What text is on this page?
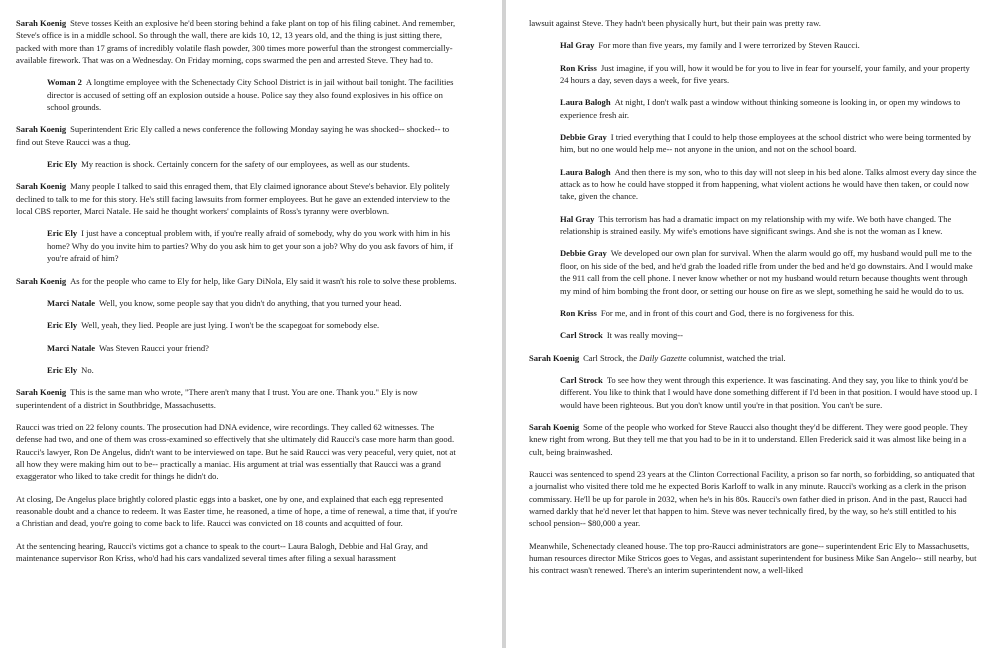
Sarah Koenig Steve tosses Keith an explosive he'd been storing behind a fake plant on top of his filing cabinet. And remember, Steve's office is in a middle school. So through the wall, there are kids 10, 12, 13 years old, and the thing is just sitting there, packed with more than 17 grams of incredibly volatile flash powder, 300 times more powerful than the strongest commercially-available firework. That was on a Wednesday. On Friday morning, cops swarmed the pen and arrested Steve. They had to.

Woman 2 A longtime employee with the Schenectady City School District is in jail without bail tonight. The facilities director is accused of setting off an explosion outside a house. Police say they also found explosives in his office on school grounds.

Sarah Koenig Superintendent Eric Ely called a news conference the following Monday saying he was shocked-- shocked-- to find out Steve Raucci was a thug.

Eric Ely My reaction is shock. Certainly concern for the safety of our employees, as well as our students.

Sarah Koenig Many people I talked to said this enraged them, that Ely claimed ignorance about Steve's behavior. Ely politely declined to talk to me for this story. He's still facing lawsuits from former employees. But he gave an extended interview to the local CBS reporter, Marci Natale. He said he thought workers' complaints of Ross's tyranny were overblown.

Eric Ely I just have a conceptual problem with, if you're really afraid of somebody, why do you work with him in his home? Why do you invite him to parties? Why do you ask him to get your son a job? Why do you ask favors of him, if you're afraid of him?

Sarah Koenig As for the people who came to Ely for help, like Gary DiNola, Ely said it wasn't his role to solve these problems.

Marci Natale Well, you know, some people say that you didn't do anything, that you turned your head.

Eric Ely Well, yeah, they lied. People are just lying. I won't be the scapegoat for somebody else.

Marci Natale Was Steven Raucci your friend?

Eric Ely No.

Sarah Koenig This is the same man who wrote, "There aren't many that I trust. You are one. Thank you." Ely is now superintendent of a district in Southbridge, Massachusetts.

Raucci was tried on 22 felony counts. The prosecution had DNA evidence, wire recordings. They called 62 witnesses. The defense had two, and one of them was cross-examined so effectively that she ultimately did Raucci's case more harm than good. Raucci's lawyer, Ron De Angelus, didn't want to be interviewed on tape. But he said Raucci was very peaceful, very quiet, not at all how they were making him out to be-- practically a maniac. His argument at trial was essentially that Raucci was a grand exaggerator who liked to take credit for things he didn't do.

At closing, De Angelus place brightly colored plastic eggs into a basket, one by one, and explained that each egg represented reasonable doubt and a chance to redeem. It was Easter time, he reasoned, a time of hope, a time of renewal, a time that, if you're a Christian and dead, you're going to come back to life. Raucci was convicted on 18 counts and acquitted of four.

At the sentencing hearing, Raucci's victims got a chance to speak to the court-- Laura Balogh, Debbie and Hal Gray, and maintenance supervisor Ron Kriss, who'd had his cars vandalized several times after filing a sexual harassment

lawsuit against Steve. They hadn't been physically hurt, but their pain was pretty raw.

Hal Gray For more than five years, my family and I were terrorized by Steven Raucci.

Ron Kriss Just imagine, if you will, how it would be for you to live in fear for yourself, your family, and your property 24 hours a day, seven days a week, for five years.

Laura Balogh At night, I don't walk past a window without thinking someone is looking in, or open my windows to experience fresh air.

Debbie Gray I tried everything that I could to help those employees at the school district who were being tormented by him, but no one would help me-- not anyone in the union, and not on the school board.

Laura Balogh And then there is my son, who to this day will not sleep in his bed alone. Talks almost every day since the attack as to how he could have stopped it from happening, what violent actions he would have then taken, or could now take, given the chance.

Hal Gray This terrorism has had a dramatic impact on my relationship with my wife. We both have changed. The relationship is strained easily. My wife's emotions have significant swings. And she is not the woman as I knew.

Debbie Gray We developed our own plan for survival. When the alarm would go off, my husband would pull me to the floor, on his side of the bed, and he'd grab the loaded rifle from under the bed and he'd go downstairs. And I would make the 911 call from the cell phone. I never know whether or not my husband would return because thoughts went through my mind of him bombing the front door, or setting our house on fire as we slept, something he said he would do to us.

Ron Kriss For me, and in front of this court and God, there is no forgiveness for this.

Carl Strock It was really moving--

Sarah Koenig Carl Strock, the Daily Gazette columnist, watched the trial.

Carl Strock To see how they went through this experience. It was fascinating. And they say, you like to think you'd be different. You like to think that I would have done something different if I'd been in that position. I would have stood up. I would have been righteous. But you don't know until you're in that position. You can't be sure.

Sarah Koenig Some of the people who worked for Steve Raucci also thought they'd be different. They were good people. They knew right from wrong. But they tell me that you had to be in it to understand. Ellen Frederick said it was almost like being in a cult, being brainwashed.

Raucci was sentenced to spend 23 years at the Clinton Correctional Facility, a prison so far north, so forbidding, so antiquated that a journalist who visited there told me he expected Boris Karloff to walk in any minute. Raucci's working as a clerk in the prison commissary. He'll be up for parole in 2032, when he's in his 80s. Raucci's own father died in prison. And in the past, Raucci had warned darkly that he'd never let that happen to him. Steve was never technically fired, by the way, so he's still entitled to his school pension-- $80,000 a year.

Meanwhile, Schenectady cleaned house. The top pro-Raucci administrators are gone-- superintendent Eric Ely to Massachusetts, human resources director Mike Stricos goes to Vegas, and assistant superintendent for business Mike San Angelo-- still nearby, but his contract wasn't renewed. There's an interim superintendent now, a well-liked
